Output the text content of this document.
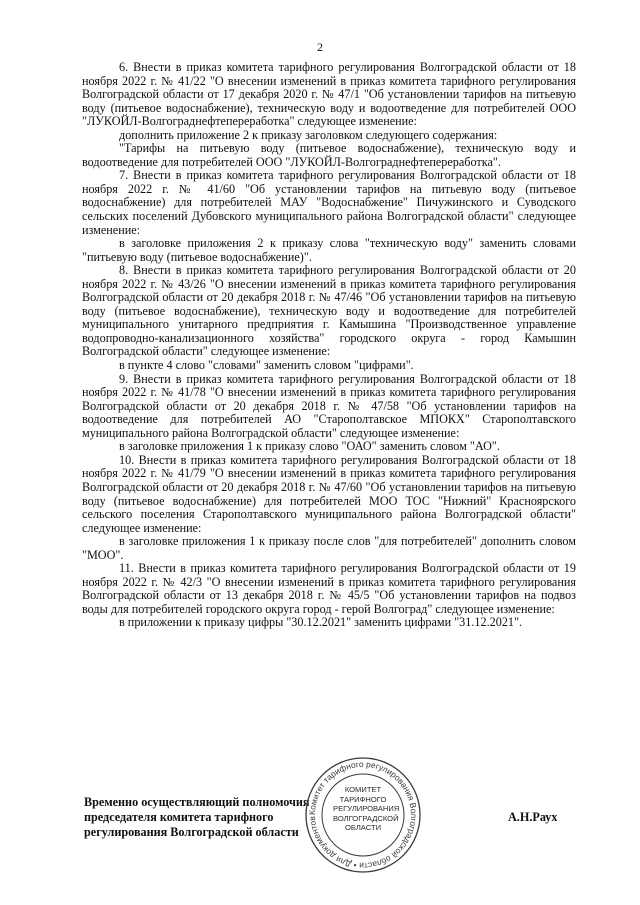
2

6. Внести в приказ комитета тарифного регулирования Волгоградской области от 18 ноября 2022 г. № 41/22 "О внесении изменений в приказ комитета тарифного регулирования Волгоградской области от 17 декабря 2020 г. № 47/1 "Об установлении тарифов на питьевую воду (питьевое водоснабжение), техническую воду и водоотведение для потребителей ООО "ЛУКОЙЛ-Волгограднефтепереработка" следующее изменение:

дополнить приложение 2 к приказу заголовком следующего содержания:

"Тарифы на питьевую воду (питьевое водоснабжение), техническую воду и водоотведение для потребителей ООО "ЛУКОЙЛ-Волгограднефтепереработка".

7. Внести в приказ комитета тарифного регулирования Волгоградской области от 18 ноября 2022 г. № 41/60 "Об установлении тарифов на питьевую воду (питьевое водоснабжение) для потребителей МАУ "Водоснабжение" Пичужинского и Суводского сельских поселений Дубовского муниципального района Волгоградской области" следующее изменение:

в заголовке приложения 2 к приказу слова "техническую воду" заменить словами "питьевую воду (питьевое водоснабжение)".

8. Внести в приказ комитета тарифного регулирования Волгоградской области от 20 ноября 2022 г. № 43/26 "О внесении изменений в приказ комитета тарифного регулирования Волгоградской области от 20 декабря 2018 г. № 47/46 "Об установлении тарифов на питьевую воду (питьевое водоснабжение), техническую воду и водоотведение для потребителей муниципального унитарного предприятия г. Камышина "Производственное управление водопроводно-канализационного хозяйства" городского округа - город Камышин Волгоградской области" следующее изменение:

в пункте 4 слово "словами" заменить словом "цифрами".

9. Внести в приказ комитета тарифного регулирования Волгоградской области от 18 ноября 2022 г. № 41/78 "О внесении изменений в приказ комитета тарифного регулирования Волгоградской области от 20 декабря 2018 г. № 47/58 "Об установлении тарифов на водоотведение для потребителей АО "Старополтавское МПОКХ" Старополтавского муниципального района Волгоградской области" следующее изменение:

в заголовке приложения 1 к приказу слово "ОАО" заменить словом "АО".

10. Внести в приказ комитета тарифного регулирования Волгоградской области от 18 ноября 2022 г. № 41/79 "О внесении изменений в приказ комитета тарифного регулирования Волгоградской области от 20 декабря 2018 г. № 47/60 "Об установлении тарифов на питьевую воду (питьевое водоснабжение) для потребителей МОО ТОС "Нижний" Красноярского сельского поселения Старополтавского муниципального района Волгоградской области" следующее изменение:

в заголовке приложения 1 к приказу после слов "для потребителей" дополнить словом "МОО".

11. Внести в приказ комитета тарифного регулирования Волгоградской области от 19 ноября 2022 г. № 42/3 "О внесении изменений в приказ комитета тарифного регулирования Волгоградской области от 13 декабря 2018 г. № 45/5 "Об установлении тарифов на подвоз воды для потребителей городского округа город - герой Волгоград" следующее изменение:

в приложении к приказу цифры "30.12.2021" заменить цифрами "31.12.2021".

Временно осуществляющий полномочия
председателя комитета тарифного
регулирования Волгоградской области
А.Н.Раух
Комитет тарифного регулирования Волгоградской области • Для документов
КОМИТЕТ
ТАРИФНОГО
РЕГУЛИРОВАНИЯ
ВОЛГОГРАДСКОЙ
ОБЛАСТИ
